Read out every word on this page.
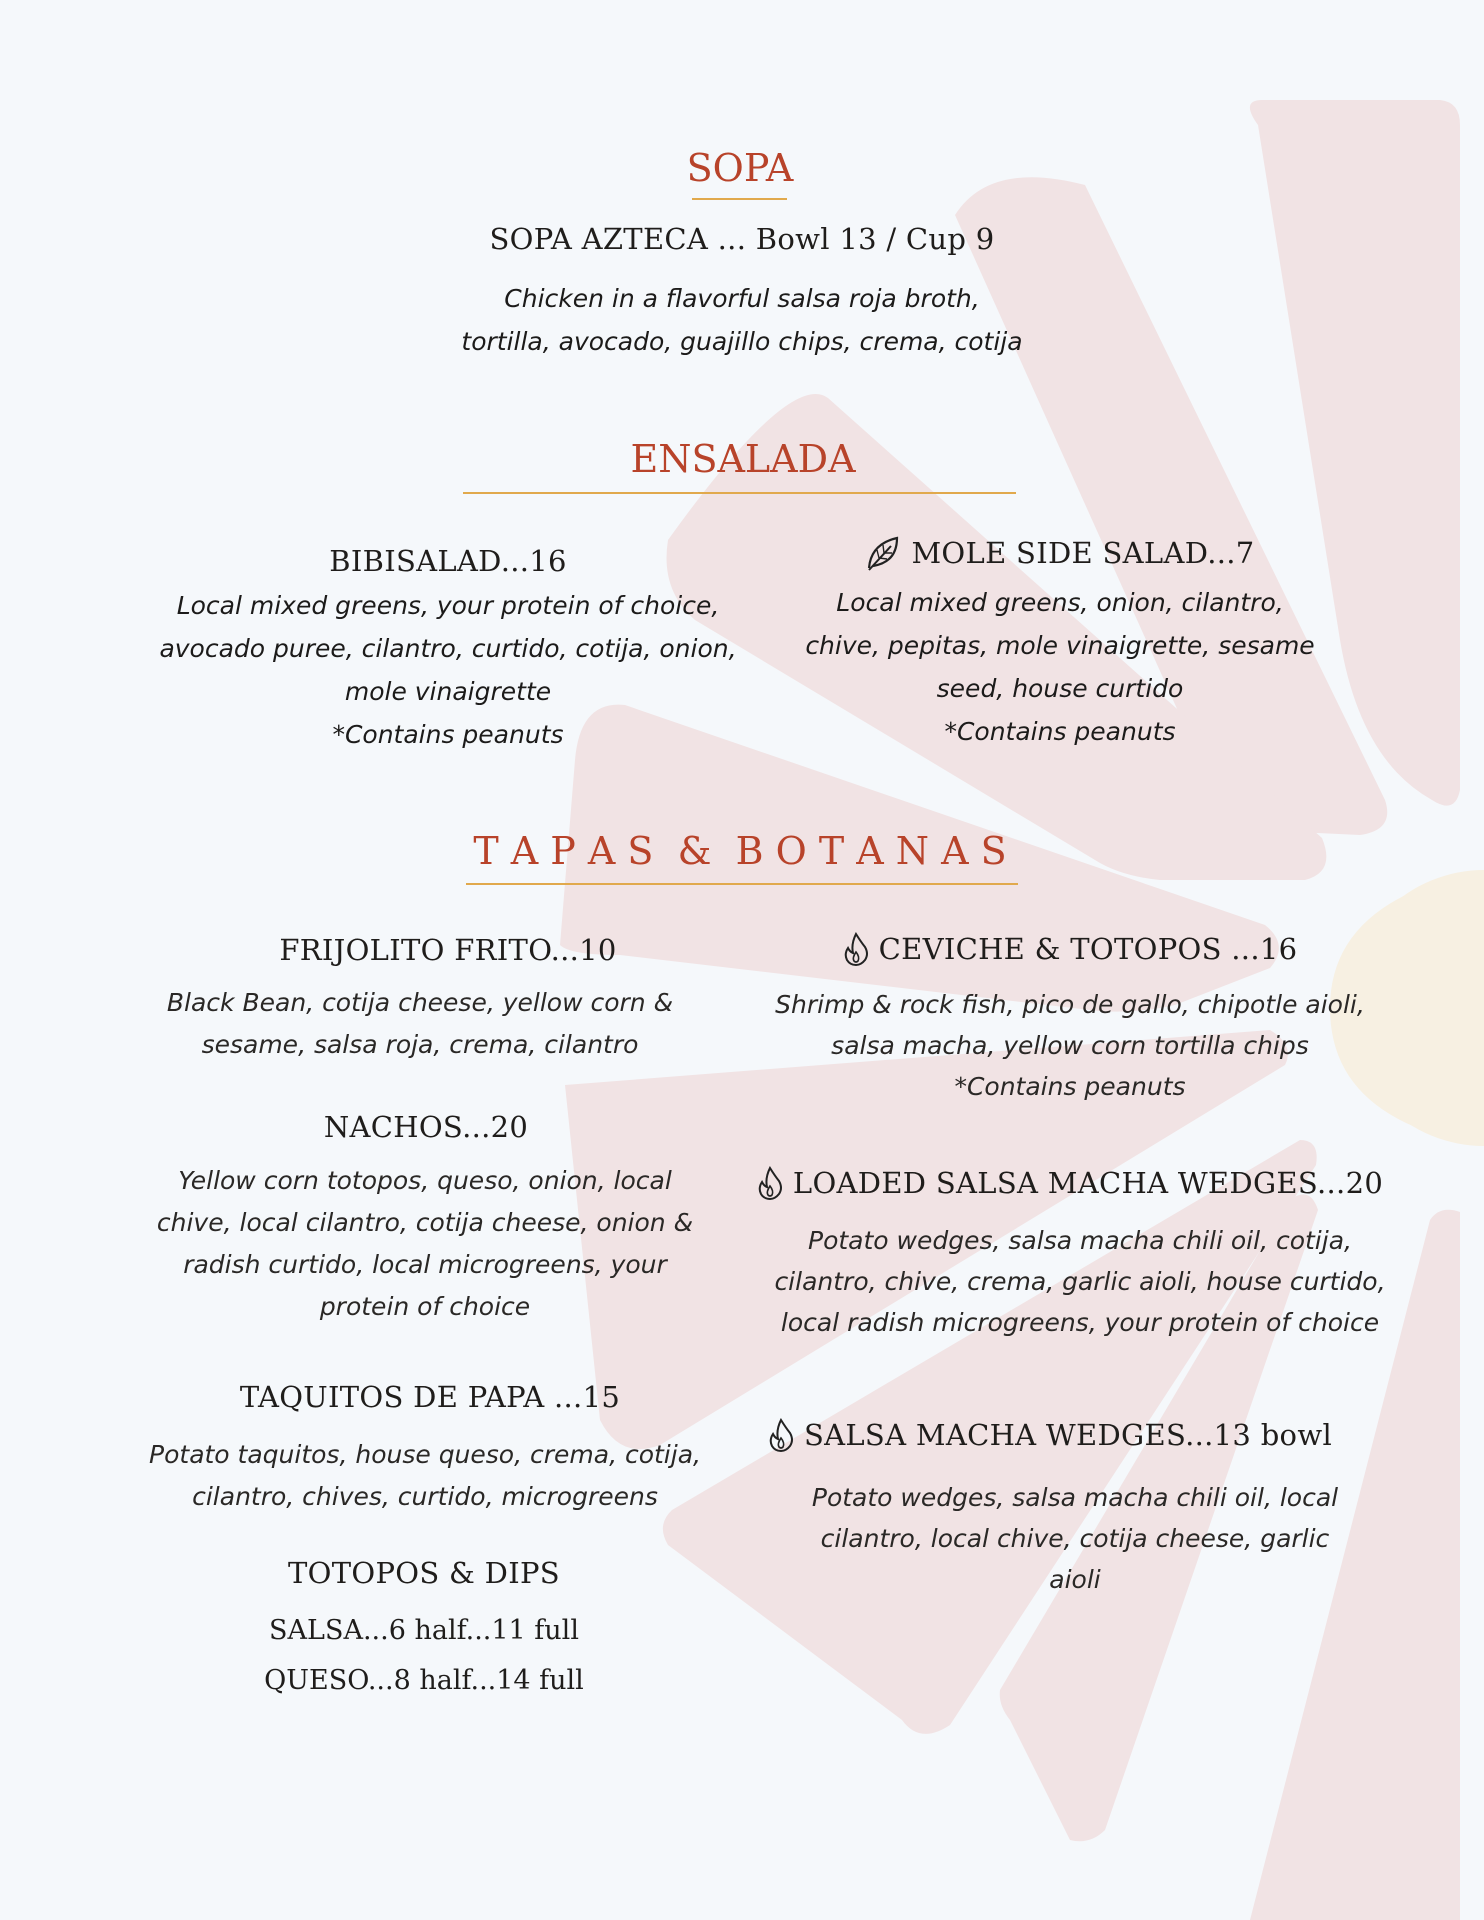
SOPA
SOPA AZTECA ... Bowl 13 / Cup 9
Chicken in a flavorful salsa roja broth,
tortilla, avocado, guajillo chips, crema, cotija
ENSALADA
BIBISALAD...16
Local mixed greens, your protein of choice,
avocado puree, cilantro, curtido, cotija, onion,
mole vinaigrette
*Contains peanuts
MOLE SIDE SALAD...7
Local mixed greens, onion, cilantro,
chive, pepitas, mole vinaigrette, sesame
seed, house curtido
*Contains peanuts
T A P A S  &  B O T A N A S
FRIJOLITO FRITO...10
Black Bean, cotija cheese, yellow corn &
sesame, salsa roja, crema, cilantro
NACHOS...20
Yellow corn totopos, queso, onion, local
chive, local cilantro, cotija cheese, onion &
radish curtido, local microgreens, your
protein of choice
TAQUITOS DE PAPA ...15
Potato taquitos, house queso, crema, cotija,
cilantro, chives, curtido, microgreens
TOTOPOS & DIPS
SALSA...6 half...11 full
QUESO...8 half...14 full
CEVICHE & TOTOPOS ...16
Shrimp & rock fish, pico de gallo, chipotle aioli,
salsa macha, yellow corn tortilla chips
*Contains peanuts
LOADED SALSA MACHA WEDGES...20
Potato wedges, salsa macha chili oil, cotija,
cilantro, chive, crema, garlic aioli, house curtido,
local radish microgreens, your protein of choice
SALSA MACHA WEDGES...13 bowl
Potato wedges, salsa macha chili oil, local
cilantro, local chive, cotija cheese, garlic
aioli
